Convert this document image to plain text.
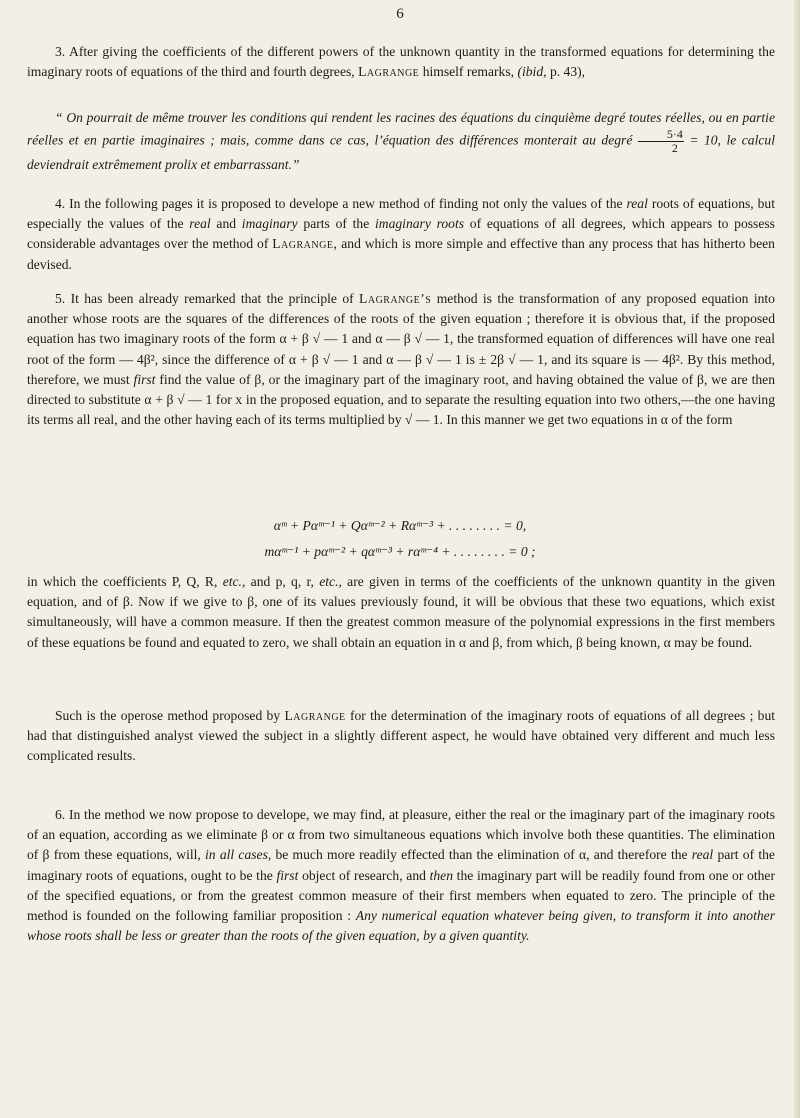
6

3. After giving the coefficients of the different powers of the unknown quantity in the transformed equations for determining the imaginary roots of equations of the third and fourth degrees, Lagrange himself remarks, (ibid, p. 43),

“ On pourrait de même trouver les conditions qui rendent les racines des équations du cinquième degré toutes réelles, ou en partie réelles et en partie imaginaires ; mais, comme dans ce cas, l’équation des différences monterait au degré $\frac{5\cdot 4}{2} = 10$, le calcul deviendrait extrêmement prolix et embarrassant.”

4. In the following pages it is proposed to develope a new method of finding not only the values of the real roots of equations, but especially the values of the real and imaginary parts of the imaginary roots of equations of all degrees, which appears to possess considerable advantages over the method of Lagrange, and which is more simple and effective than any process that has hitherto been devised.

5. It has been already remarked that the principle of Lagrange’s method is the transformation of any proposed equation into another whose roots are the squares of the differences of the roots of the given equation ; therefore it is obvious that, if the proposed equation has two imaginary roots of the form α + β √ — 1 and α — β √ — 1, the transformed equation of differences will have one real root of the form — 4β², since the difference of α + β √ — 1 and α — β √ — 1 is ± 2β √ — 1, and its square is — 4β². By this method, therefore, we must first find the value of β, or the imaginary part of the imaginary root, and having obtained the value of β, we are then directed to substitute α + β √ — 1 for x in the proposed equation, and to separate the resulting equation into two others,—the one having its terms all real, and the other having each of its terms multiplied by √ — 1. In this manner we get two equations in α of the form

αᵐ + Pαᵐ⁻¹ + Qαᵐ⁻² + Rαᵐ⁻³ + . . . . . . . . = 0,
mαᵐ⁻¹ + pαᵐ⁻² + qαᵐ⁻³ + rαᵐ⁻⁴ + . . . . . . . . = 0 ;

in which the coefficients P, Q, R, etc., and p, q, r, etc., are given in terms of the coefficients of the unknown quantity in the given equation, and of β. Now if we give to β, one of its values previously found, it will be obvious that these two equations, which exist simultaneously, will have a common measure. If then the greatest common measure of the polynomial expressions in the first members of these equations be found and equated to zero, we shall obtain an equation in α and β, from which, β being known, α may be found.

Such is the operose method proposed by Lagrange for the determination of the imaginary roots of equations of all degrees ; but had that distinguished analyst viewed the subject in a slightly different aspect, he would have obtained very different and much less complicated results.

6. In the method we now propose to develope, we may find, at pleasure, either the real or the imaginary part of the imaginary roots of an equation, according as we eliminate β or α from two simultaneous equations which involve both these quantities. The elimination of β from these equations, will, in all cases, be much more readily effected than the elimination of α, and therefore the real part of the imaginary roots of equations, ought to be the first object of research, and then the imaginary part will be readily found from one or other of the specified equations, or from the greatest common measure of their first members when equated to zero. The principle of the method is founded on the following familiar proposition : Any numerical equation whatever being given, to transform it into another whose roots shall be less or greater than the roots of the given equation, by a given quantity.
